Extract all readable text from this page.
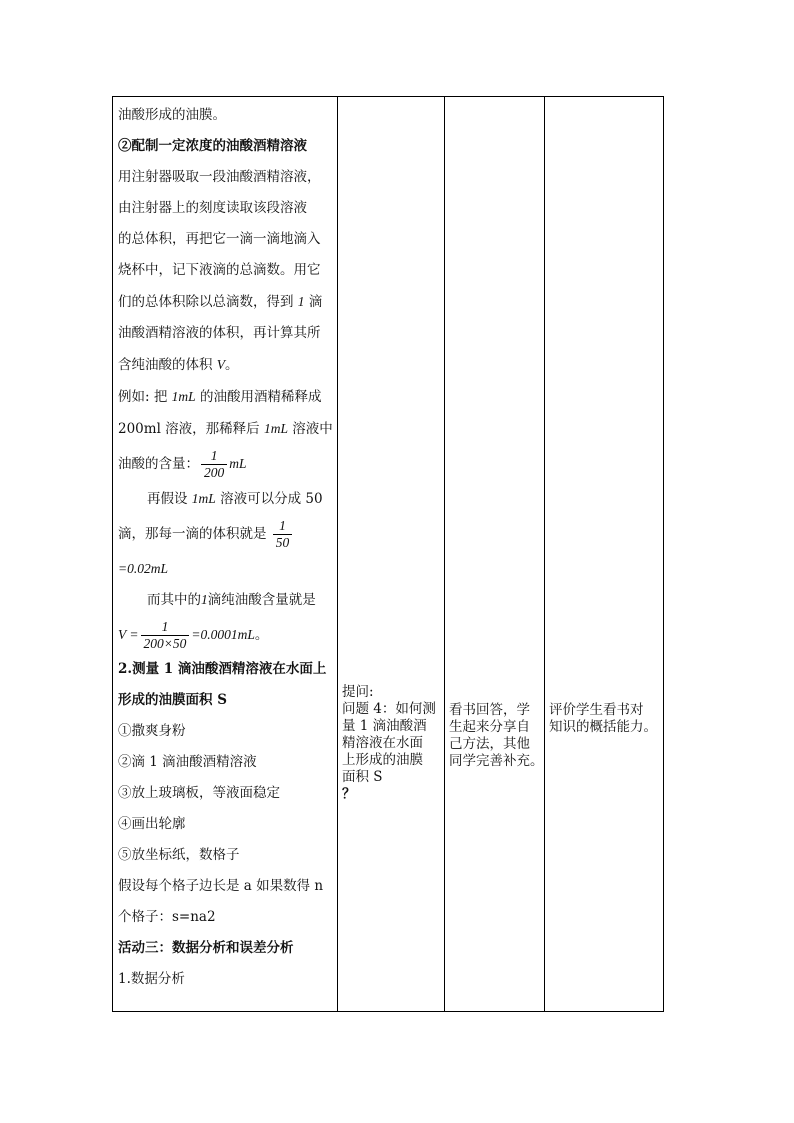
油酸形成的油膜。
②配制一定浓度的油酸酒精溶液
用注射器吸取一段油酸酒精溶液，
由注射器上的刻度读取该段溶液
的总体积，再把它一滴一滴地滴入
烧杯中，记下液滴的总滴数。用它
们的总体积除以总滴数，得到 1 滴
油酸酒精溶液的体积，再计算其所
含纯油酸的体积 V。
例如: 把 1mL 的油酸用酒精稀释成
200ml 溶液，那稀释后 1mL 溶液中
油酸的含量： $\frac{1}{200}$ mL
再假设 1mL 溶液可以分成 50
滴，那每一滴的体积就是 $\frac{1}{50}$
=0.02mL
而其中的1滴纯油酸含量就是
$V = \frac{1}{200\times 50} =0.0001mL$。
2.测量 1 滴油酸酒精溶液在水面上
形成的油膜面积 S
①撒爽身粉
②滴 1 滴油酸酒精溶液
③放上玻璃板，等液面稳定
④画出轮廓
⑤放坐标纸，数格子
假设每个格子边长是 a 如果数得 n
个格子：s=na2
活动三：数据分析和误差分析
1.数据分析
提问:
问题 4：如何测
量 1 滴油酸酒
精溶液在水面
上形成的油膜
面积 S
？
看书回答，学
生起来分享自
己方法，其他
同学完善补充。
评价学生看书对
知识的概括能力。
